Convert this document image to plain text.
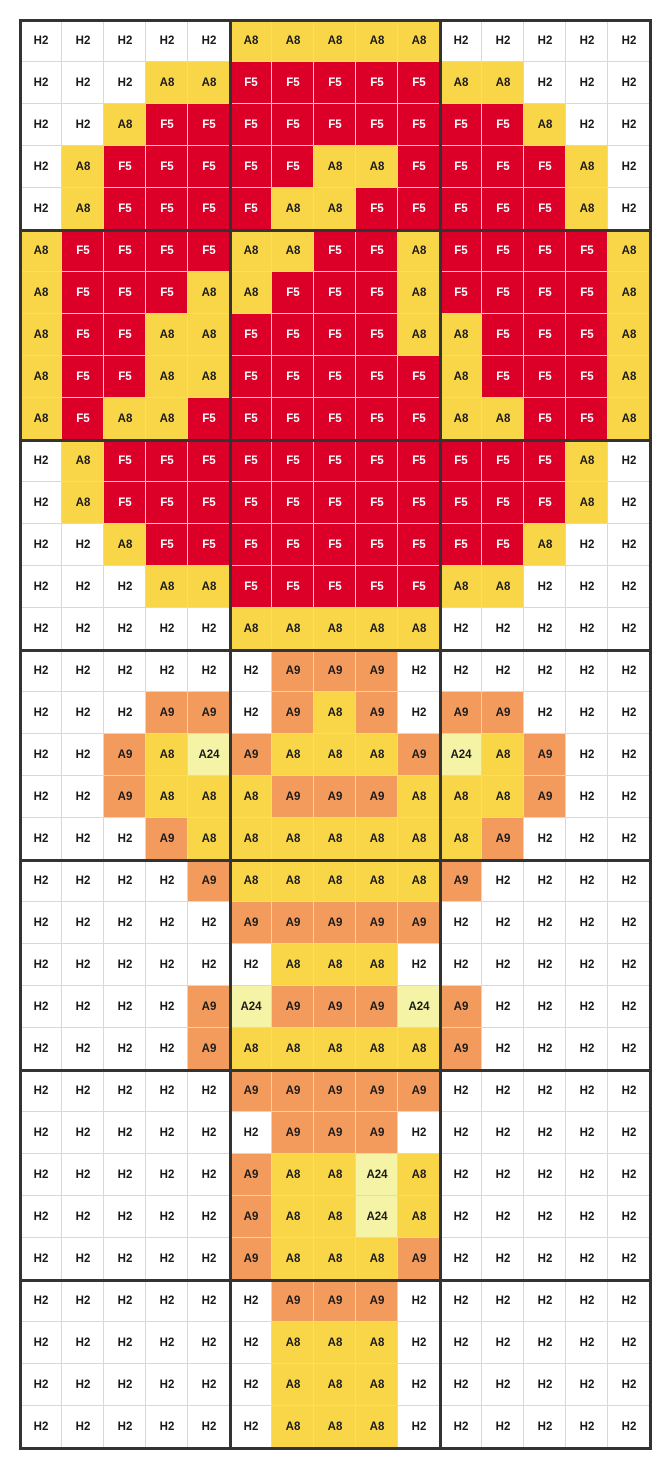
H2	H2	H2	H2	H2	A8	A8	A8	A8	A8	H2	H2	H2	H2	H2
H2	H2	H2	A8	A8	F5	F5	F5	F5	F5	A8	A8	H2	H2	H2
H2	H2	A8	F5	F5	F5	F5	F5	F5	F5	F5	F5	A8	H2	H2
H2	A8	F5	F5	F5	F5	F5	A8	A8	F5	F5	F5	F5	A8	H2
H2	A8	F5	F5	F5	F5	A8	A8	F5	F5	F5	F5	F5	A8	H2
A8	F5	F5	F5	F5	A8	A8	F5	F5	A8	F5	F5	F5	F5	A8
A8	F5	F5	F5	A8	A8	F5	F5	F5	A8	F5	F5	F5	F5	A8
A8	F5	F5	A8	A8	F5	F5	F5	F5	A8	A8	F5	F5	F5	A8
A8	F5	F5	A8	A8	F5	F5	F5	F5	F5	A8	F5	F5	F5	A8
A8	F5	A8	A8	F5	F5	F5	F5	F5	F5	A8	A8	F5	F5	A8
H2	A8	F5	F5	F5	F5	F5	F5	F5	F5	F5	F5	F5	A8	H2
H2	A8	F5	F5	F5	F5	F5	F5	F5	F5	F5	F5	F5	A8	H2
H2	H2	A8	F5	F5	F5	F5	F5	F5	F5	F5	F5	A8	H2	H2
H2	H2	H2	A8	A8	F5	F5	F5	F5	F5	A8	A8	H2	H2	H2
H2	H2	H2	H2	H2	A8	A8	A8	A8	A8	H2	H2	H2	H2	H2
H2	H2	H2	H2	H2	H2	A9	A9	A9	H2	H2	H2	H2	H2	H2
H2	H2	H2	A9	A9	H2	A9	A8	A9	H2	A9	A9	H2	H2	H2
H2	H2	A9	A8	A24	A9	A8	A8	A8	A9	A24	A8	A9	H2	H2
H2	H2	A9	A8	A8	A8	A9	A9	A9	A8	A8	A8	A9	H2	H2
H2	H2	H2	A9	A8	A8	A8	A8	A8	A8	A8	A9	H2	H2	H2
H2	H2	H2	H2	A9	A8	A8	A8	A8	A8	A9	H2	H2	H2	H2
H2	H2	H2	H2	H2	A9	A9	A9	A9	A9	H2	H2	H2	H2	H2
H2	H2	H2	H2	H2	H2	A8	A8	A8	H2	H2	H2	H2	H2	H2
H2	H2	H2	H2	A9	A24	A9	A9	A9	A24	A9	H2	H2	H2	H2
H2	H2	H2	H2	A9	A8	A8	A8	A8	A8	A9	H2	H2	H2	H2
H2	H2	H2	H2	H2	A9	A9	A9	A9	A9	H2	H2	H2	H2	H2
H2	H2	H2	H2	H2	H2	A9	A9	A9	H2	H2	H2	H2	H2	H2
H2	H2	H2	H2	H2	A9	A8	A8	A24	A8	H2	H2	H2	H2	H2
H2	H2	H2	H2	H2	A9	A8	A8	A24	A8	H2	H2	H2	H2	H2
H2	H2	H2	H2	H2	A9	A8	A8	A8	A9	H2	H2	H2	H2	H2
H2	H2	H2	H2	H2	H2	A9	A9	A9	H2	H2	H2	H2	H2	H2
H2	H2	H2	H2	H2	H2	A8	A8	A8	H2	H2	H2	H2	H2	H2
H2	H2	H2	H2	H2	H2	A8	A8	A8	H2	H2	H2	H2	H2	H2
H2	H2	H2	H2	H2	H2	A8	A8	A8	H2	H2	H2	H2	H2	H2
